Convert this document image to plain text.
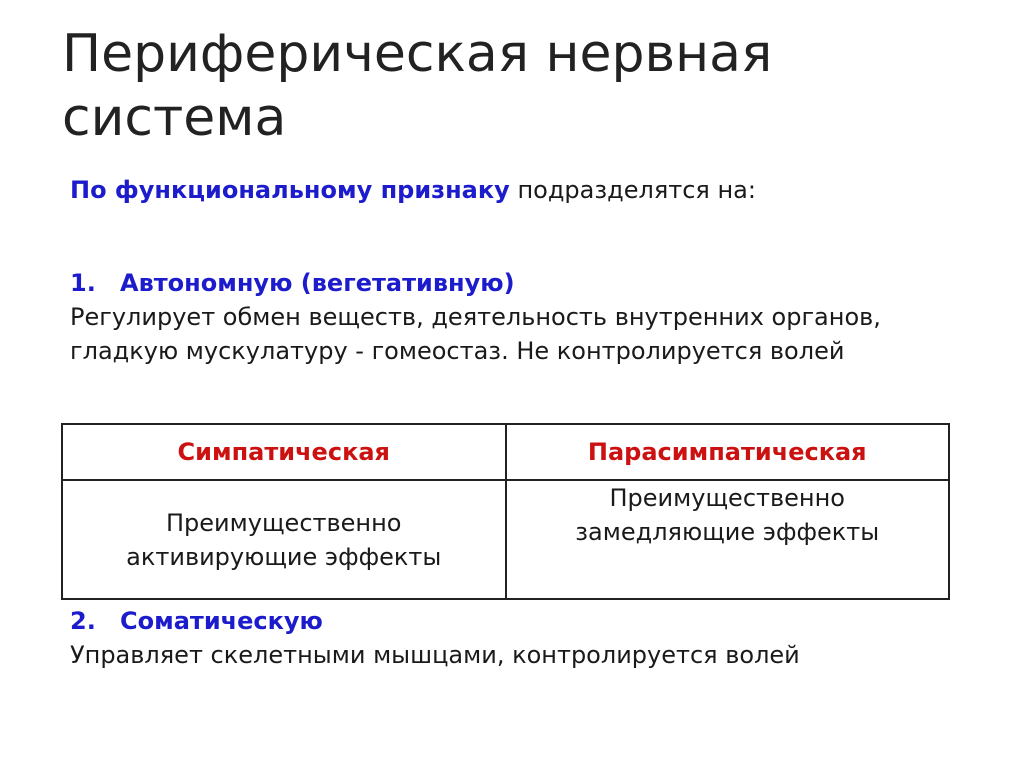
Периферическая нервная система
По функциональному признаку подразделятся на:
1. Автономную (вегетативную)
Регулирует обмен веществ, деятельность внутренних органов, гладкую мускулатуру - гомеостаз. Не контролируется волей
Симпатическая	Парасимпатическая
Преимущественно активирующие эффекты	Преимущественно замедляющие эффекты
2. Соматическую
Управляет скелетными мышцами, контролируется волей
